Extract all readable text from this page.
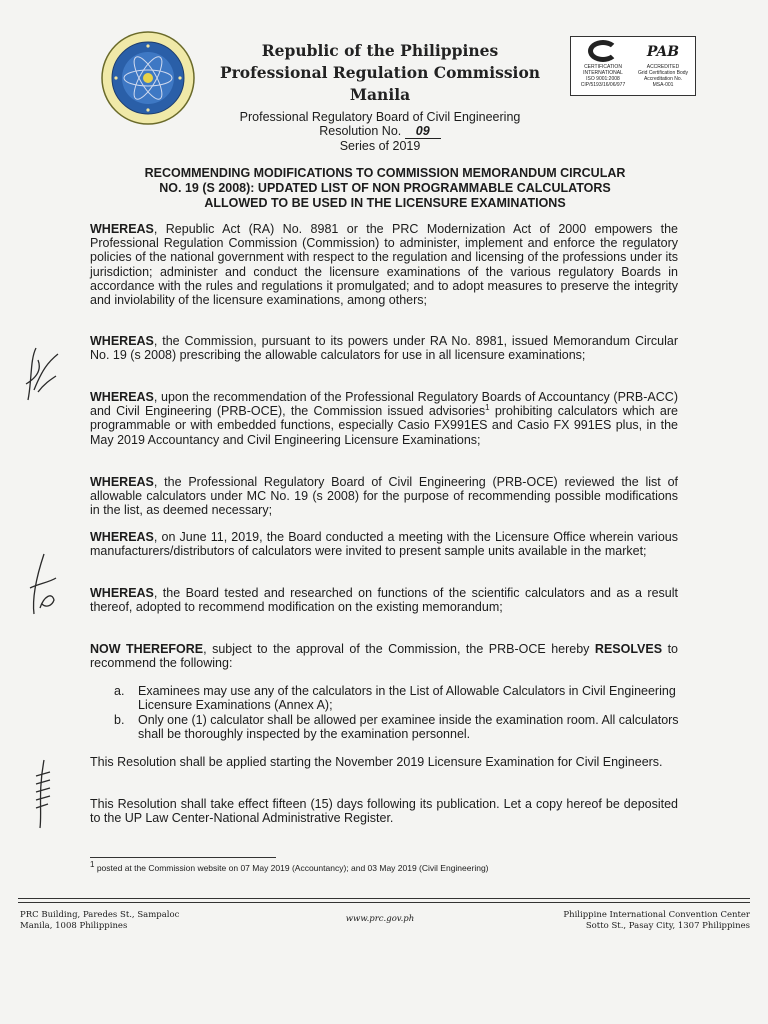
Republic of the Philippines
Professional Regulation Commission
Manila
CERTIFICATION
INTERNATIONAL
ISO 9001:2008
CIP/5193/16/06/977
PAB
ACCREDITED
Grid Certification Body
Accreditation No.
MSA-001
Professional Regulatory Board of Civil Engineering
Resolution No. 09
Series of 2019
RECOMMENDING MODIFICATIONS TO COMMISSION MEMORANDUM CIRCULAR
NO. 19 (S 2008): UPDATED LIST OF NON PROGRAMMABLE CALCULATORS
ALLOWED TO BE USED IN THE LICENSURE EXAMINATIONS
WHEREAS, Republic Act (RA) No. 8981 or the PRC Modernization Act of 2000 empowers the Professional Regulation Commission (Commission) to administer, implement and enforce the regulatory policies of the national government with respect to the regulation and licensing of the professions under its jurisdiction; administer and conduct the licensure examinations of the various regulatory Boards in accordance with the rules and regulations it promulgated; and to adopt measures to preserve the integrity and inviolability of the licensure examinations, among others;
WHEREAS, the Commission, pursuant to its powers under RA No. 8981, issued Memorandum Circular No. 19 (s 2008) prescribing the allowable calculators for use in all licensure examinations;
WHEREAS, upon the recommendation of the Professional Regulatory Boards of Accountancy (PRB-ACC) and Civil Engineering (PRB-OCE), the Commission issued advisories$^1$ prohibiting calculators which are programmable or with embedded functions, especially Casio FX991ES and Casio FX 991ES plus, in the May 2019 Accountancy and Civil Engineering Licensure Examinations;
WHEREAS, the Professional Regulatory Board of Civil Engineering (PRB-OCE) reviewed the list of allowable calculators under MC No. 19 (s 2008) for the purpose of recommending possible modifications in the list, as deemed necessary;
WHEREAS, on June 11, 2019, the Board conducted a meeting with the Licensure Office wherein various manufacturers/distributors of calculators were invited to present sample units available in the market;
WHEREAS, the Board tested and researched on functions of the scientific calculators and as a result thereof, adopted to recommend modification on the existing memorandum;
NOW THEREFORE, subject to the approval of the Commission, the PRB-OCE hereby RESOLVES to recommend the following:
a.	Examinees may use any of the calculators in the List of Allowable Calculators in Civil Engineering Licensure Examinations (Annex A);
b.	Only one (1) calculator shall be allowed per examinee inside the examination room. All calculators shall be thoroughly inspected by the examination personnel.
This Resolution shall be applied starting the November 2019 Licensure Examination for Civil Engineers.
This Resolution shall take effect fifteen (15) days following its publication. Let a copy hereof be deposited to the UP Law Center-National Administrative Register.
$^1$ posted at the Commission website on 07 May 2019 (Accountancy); and 03 May 2019 (Civil Engineering)
PRC Building, Paredes St., Sampaloc
Manila, 1008 Philippines
www.prc.gov.ph	Philippine International Convention Center
Sotto St., Pasay City, 1307 Philippines
